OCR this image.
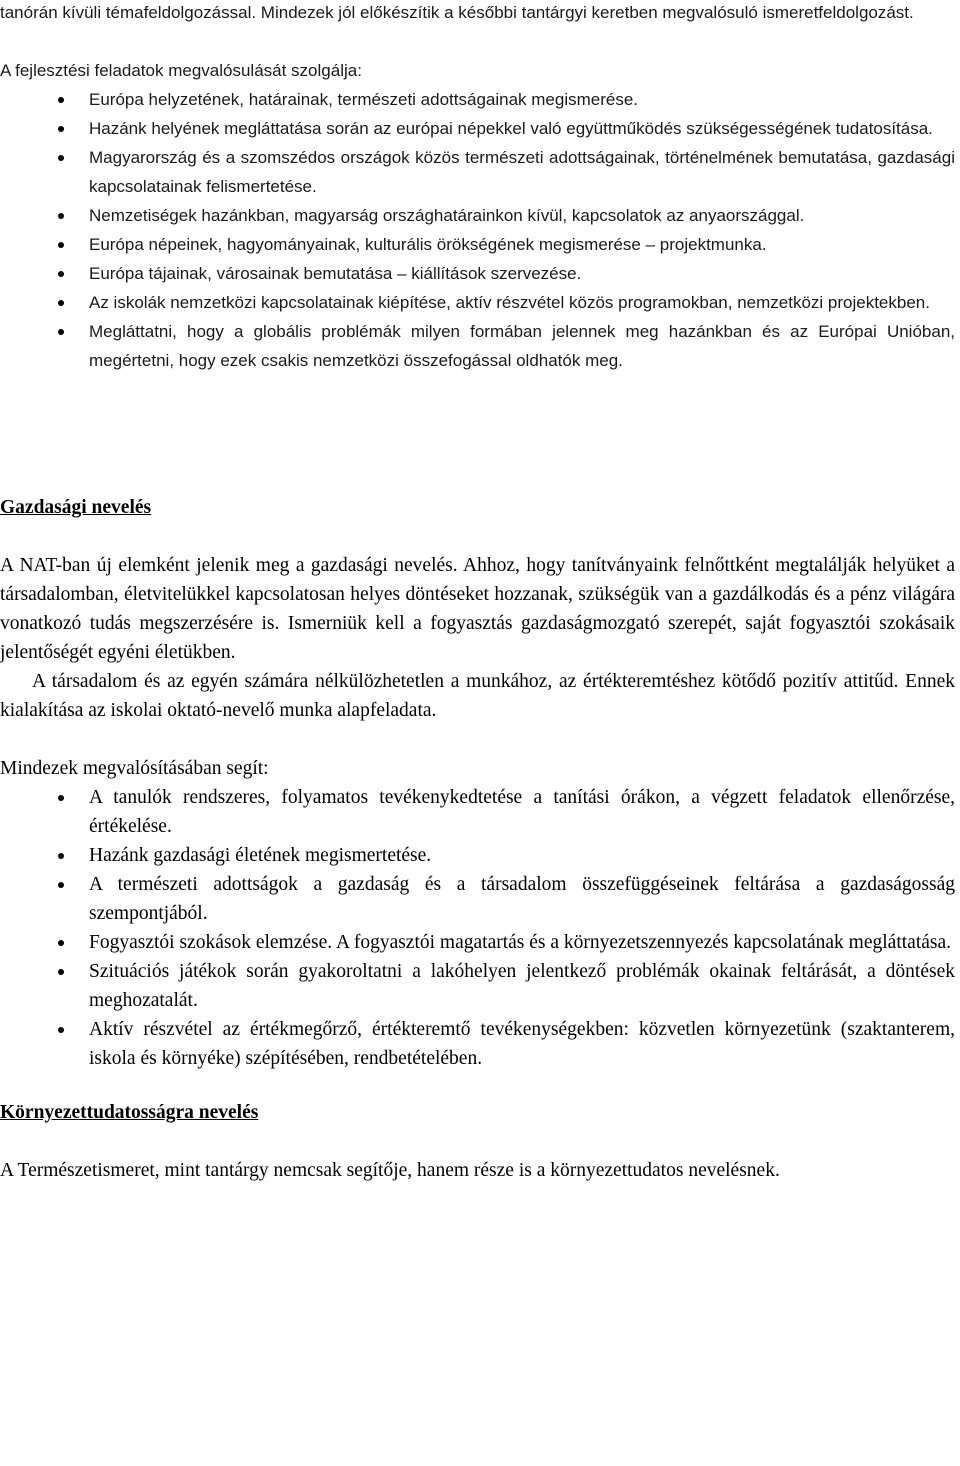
tanórán kívüli témafeldolgozással. Mindezek jól előkészítik a későbbi tantárgyi keretben megvalósuló ismeretfeldolgozást.

A fejlesztési feladatok megvalósulását szolgálja:

Európa helyzetének, határainak, természeti adottságainak megismerése.
Hazánk helyének megláttatása során az európai népekkel való együttműködés szükségességének tudatosítása.
Magyarország és a szomszédos országok közös természeti adottságainak, történelmének bemutatása, gazdasági kapcsolatainak felismertetése.
Nemzetiségek hazánkban, magyarság országhatárainkon kívül, kapcsolatok az anyaországgal.
Európa népeinek, hagyományainak, kulturális örökségének megismerése – projektmunka.
Európa tájainak, városainak bemutatása – kiállítások szervezése.
Az iskolák nemzetközi kapcsolatainak kiépítése, aktív részvétel közös programokban, nemzetközi projektekben.
Megláttatni, hogy a globális problémák milyen formában jelennek meg hazánkban és az Európai Unióban, megértetni, hogy ezek csakis nemzetközi összefogással oldhatók meg.
Gazdasági nevelés

A NAT-ban új elemként jelenik meg a gazdasági nevelés. Ahhoz, hogy tanítványaink felnőttként megtalálják helyüket a társadalomban, életvitelükkel kapcsolatosan helyes döntéseket hozzanak, szükségük van a gazdálkodás és a pénz világára vonatkozó tudás megszerzésére is. Ismerniük kell a fogyasztás gazdaságmozgató szerepét, saját fogyasztói szokásaik jelentőségét egyéni életükben.

A társadalom és az egyén számára nélkülözhetetlen a munkához, az értékteremtéshez kötődő pozitív attitűd. Ennek kialakítása az iskolai oktató-nevelő munka alapfeladata.

Mindezek megvalósításában segít:

A tanulók rendszeres, folyamatos tevékenykedtetése a tanítási órákon, a végzett feladatok ellenőrzése, értékelése.
Hazánk gazdasági életének megismertetése.
A természeti adottságok a gazdaság és a társadalom összefüggéseinek feltárása a gazdaságosság szempontjából.
Fogyasztói szokások elemzése. A fogyasztói magatartás és a környezetszennyezés kapcsolatának megláttatása.
Szituációs játékok során gyakoroltatni a lakóhelyen jelentkező problémák okainak feltárását, a döntések meghozatalát.
Aktív részvétel az értékmegőrző, értékteremtő tevékenységekben: közvetlen környezetünk (szaktanterem, iskola és környéke) szépítésében, rendbetételében.
Környezettudatosságra nevelés

A Természetismeret, mint tantárgy nemcsak segítője, hanem része is a környezettudatos nevelésnek.
